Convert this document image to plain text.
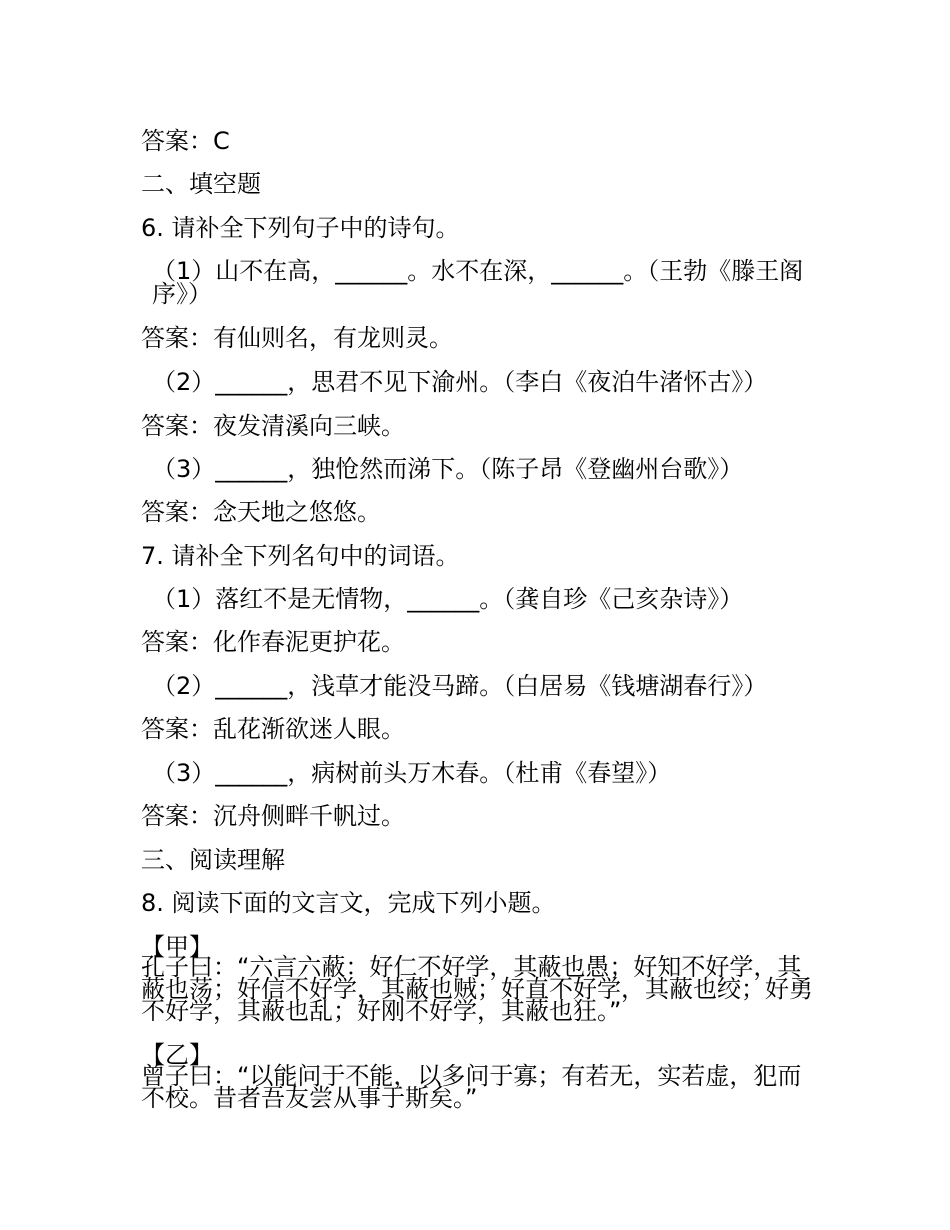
答案：C
二、填空题
6. 请补全下列句子中的诗句。
（1）山不在高，______。水不在深，______。（王勃《滕王阁序》）
答案：有仙则名，有龙则灵。
（2）______，思君不见下渝州。（李白《夜泊牛渚怀古》）
答案：夜发清溪向三峡。
（3）______，独怆然而涕下。（陈子昂《登幽州台歌》）
答案：念天地之悠悠。
7. 请补全下列名句中的词语。
（1）落红不是无情物，______。（龚自珍《己亥杂诗》）
答案：化作春泥更护花。
（2）______，浅草才能没马蹄。（白居易《钱塘湖春行》）
答案：乱花渐欲迷人眼。
（3）______，病树前头万木春。（杜甫《春望》）
答案：沉舟侧畔千帆过。
三、阅读理解
8. 阅读下面的文言文，完成下列小题。
【甲】
孔子曰：“六言六蔽：好仁不好学，其蔽也愚；好知不好学，其蔽也荡；好信不好学，其蔽也贼；好直不好学，其蔽也绞；好勇不好学，其蔽也乱；好刚不好学，其蔽也狂。”
【乙】
曾子曰：“以能问于不能，以多问于寡；有若无，实若虚，犯而不校。昔者吾友尝从事于斯矣。”
